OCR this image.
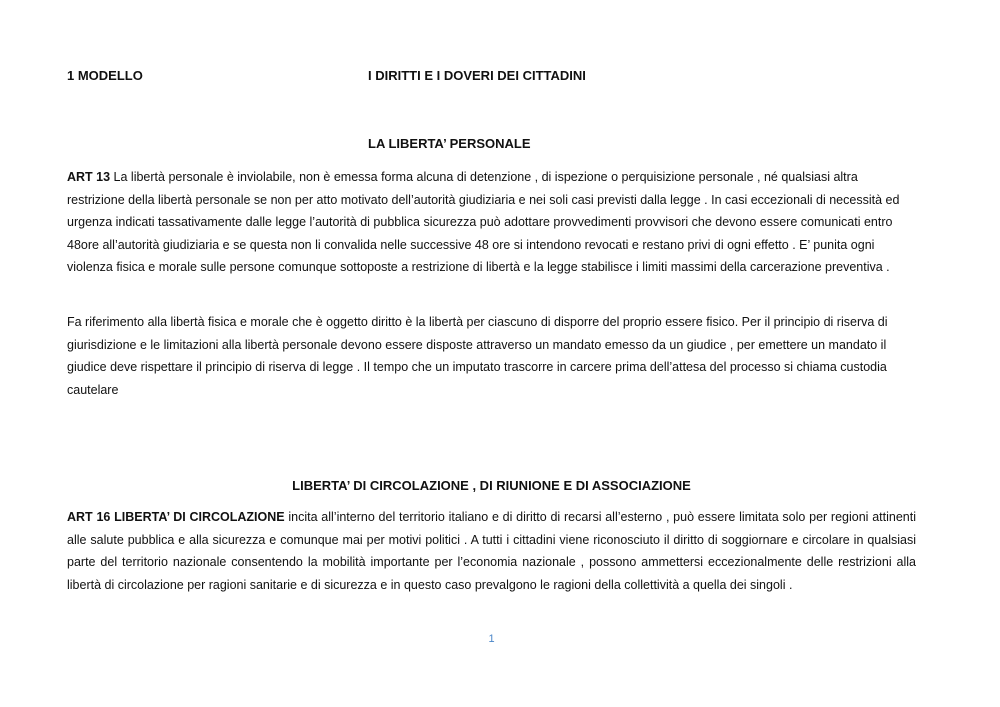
1 MODELLO	I DIRITTI E I DOVERI DEI CITTADINI
LA LIBERTA’ PERSONALE

ART 13 La libertà personale è inviolabile, non è emessa forma alcuna di detenzione , di ispezione o perquisizione personale , né qualsiasi altra restrizione della libertà personale se non per atto motivato dell’autorità giudiziaria e nei soli casi previsti dalla legge . In casi eccezionali di necessità ed urgenza indicati tassativamente dalle legge l’autorità di pubblica sicurezza può adottare provvedimenti provvisori che devono essere comunicati entro 48ore all’autorità giudiziaria e se questa non li convalida nelle successive 48 ore si intendono revocati e restano privi di ogni effetto . E’ punita ogni violenza fisica e morale sulle persone comunque sottoposte a restrizione di libertà e la legge stabilisce i limiti massimi della carcerazione preventiva .

Fa riferimento alla libertà fisica e morale che è oggetto diritto è la libertà per ciascuno di disporre del proprio essere fisico. Per il principio di riserva di giurisdizione e le limitazioni alla libertà personale devono essere disposte attraverso un mandato emesso da un giudice , per emettere un mandato il giudice deve rispettare il principio di riserva di legge . Il tempo che un imputato trascorre in carcere prima dell’attesa del processo si chiama custodia cautelare

LIBERTA’ DI CIRCOLAZIONE , DI RIUNIONE E DI ASSOCIAZIONE

ART 16 LIBERTA’ DI CIRCOLAZIONE incita all’interno del territorio italiano e di diritto di recarsi all’esterno , può essere limitata solo per regioni attinenti alle salute pubblica e alla sicurezza e comunque mai per motivi politici . A tutti i cittadini viene riconosciuto il diritto di soggiornare e circolare in qualsiasi parte del territorio nazionale consentendo la mobilità importante per l’economia nazionale , possono ammettersi eccezionalmente delle restrizioni alla libertà di circolazione per ragioni sanitarie e di sicurezza e in questo caso prevalgono le ragioni della collettività a quella dei singoli .

1
